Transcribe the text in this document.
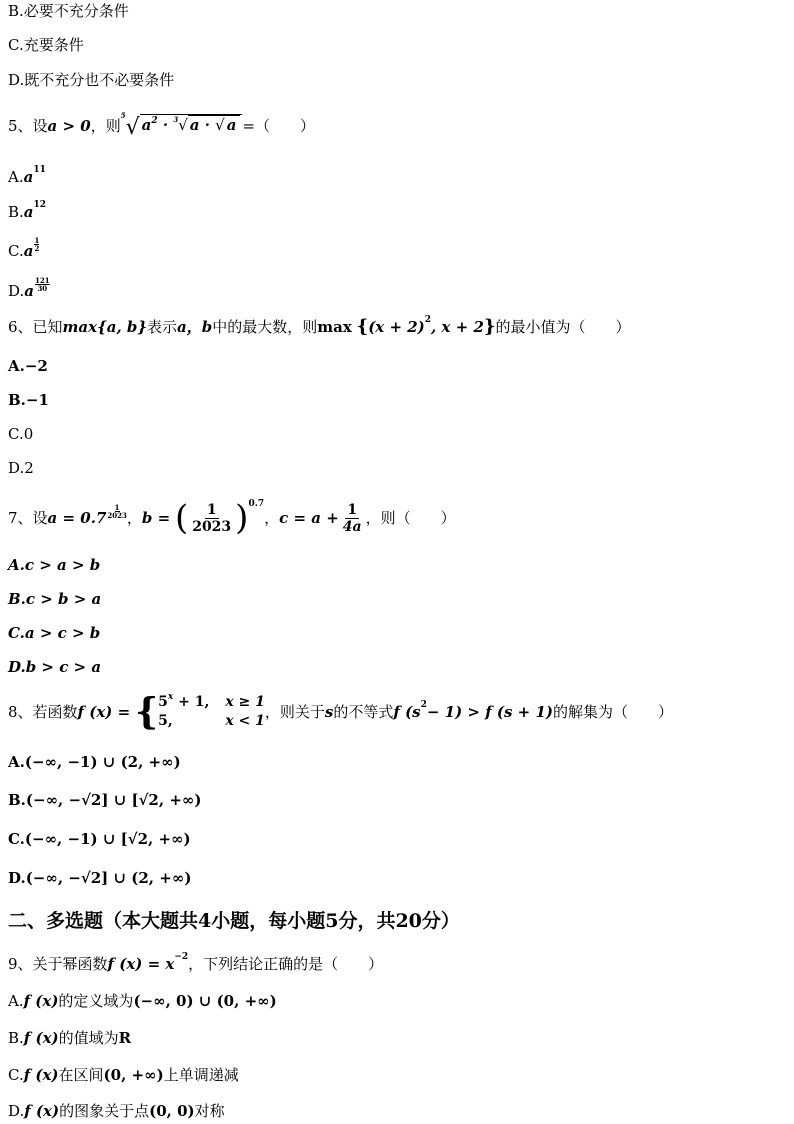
B.必要不充分条件
C.充要条件
D.既不充分也不必要条件
5、设 a > 0 ，则
5 √ $a^2 \cdot ^3√$ a · √ a =（　　）
A. a 11
B. a 12
C. a
1
2
D. a
121
30
6、已知 max{a, b} 表示 a，b 中的最大数，则 max
{ (x + 2) 2 , x + 2 } 的最小值为（　　）
A.−2
B.−1
C.0
D.2
7、设 a = 0.7
1
2023 ， b =
( $\frac{1}{2023}$ ) 0.7
， $c = a + \frac{1}{4a}$ ，则（　　）
A.c > a > b
B.c > b > a
C.a > c > b
D.b > c > a
8、若函数 f (x) =
{ $5^x + 1$, x ≥ 1
5,	x < 1 ，则关于 s 的不等式 f (s 2 − 1) > f (s + 1) 的解集为（　　）
A.(−∞, −1) ∪ (2, +∞)
B.(−∞, −√2] ∪ [√2, +∞)
C.(−∞, −1) ∪ [√2, +∞)
D.(−∞, −√2] ∪ (2, +∞)
二、多选题（本大题共4小题，每小题5分，共20分）
9、关于幂函数 f (x) = x −2 ，下列结论正确的是（　　）
A. f (x) 的定义域为 (−∞, 0) ∪ (0, +∞)
B. f (x) 的值域为 R
C. f (x) 在区间 (0, +∞) 上单调递减
D. f (x) 的图象关于点 (0, 0) 对称
